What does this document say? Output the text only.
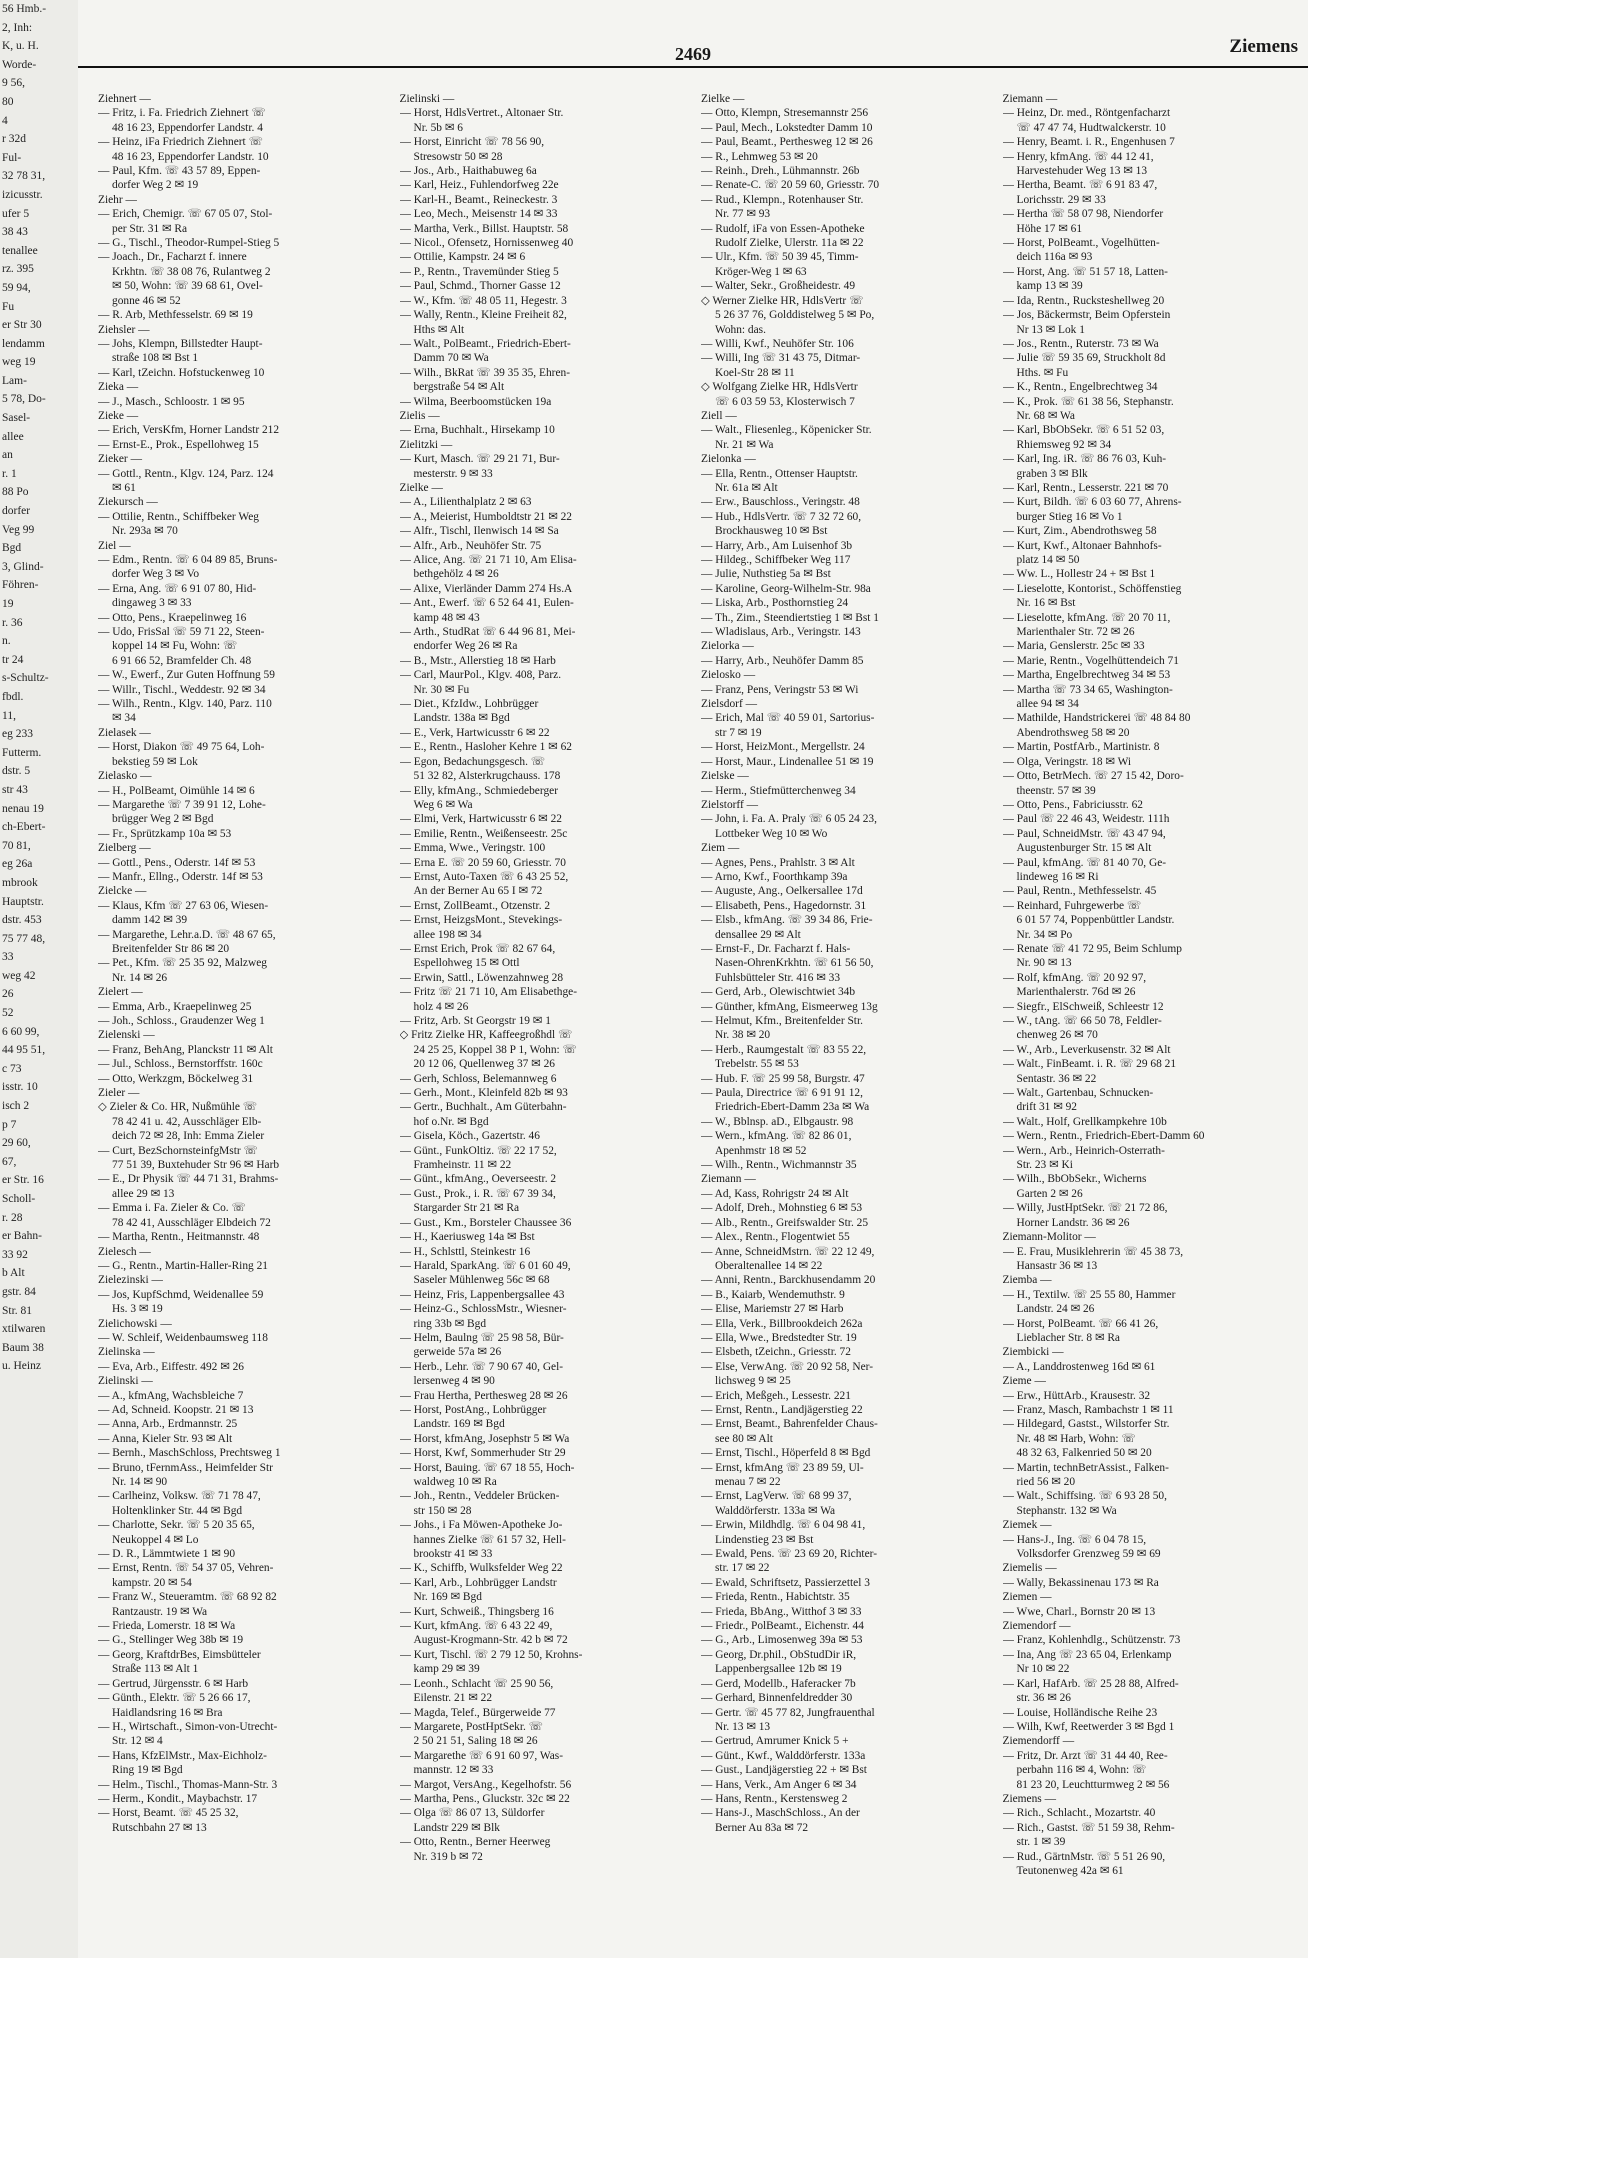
56 Hmb.-
2, Inh:
K, u. H.
Worde-
9 56,
80
4
r 32d
Ful-
32 78 31,
izicusstr.
ufer 5
38 43
tenallee
rz. 395
59 94,
Fu
er Str 30
lendamm
weg 19
Lam-
5 78, Do-
Sasel-
allee
an
r. 1
88 Po
dorfer
Veg 99
Bgd
3, Glind-
Föhren-
19
r. 36
n.
tr 24
s-Schultz-
fbdl.
11,
eg 233
Futterm.
dstr. 5
str 43
nenau 19
ch-Ebert-
70 81,
eg 26a
mbrook
Hauptstr.
dstr. 453
75 77 48,
33
weg 42
26
52
6 60 99,
44 95 51,
c 73
isstr. 10
isch 2
p 7
29 60,
67,
er Str. 16
Scholl-
r. 28
er Bahn-
33 92
b Alt
gstr. 84
Str. 81
xtilwaren
Baum 38
u. Heinz
2469	Ziemens
Ziehnert —
— Fritz, i. Fa. Friedrich Ziehnert ☏
48 16 23, Eppendorfer Landstr. 4
— Heinz, iFa Friedrich Ziehnert ☏
48 16 23, Eppendorfer Landstr. 10
— Paul, Kfm. ☏ 43 57 89, Eppen-
dorfer Weg 2 ✉ 19
Ziehr —
— Erich, Chemigr. ☏ 67 05 07, Stol-
per Str. 31 ✉ Ra
— G., Tischl., Theodor-Rumpel-Stieg 5
— Joach., Dr., Facharzt f. innere
Krkhtn. ☏ 38 08 76, Rulantweg 2
✉ 50, Wohn: ☏ 39 68 61, Ovel-
gonne 46 ✉ 52
— R. Arb, Methfesselstr. 69 ✉ 19
Ziehsler —
— Johs, Klempn, Billstedter Haupt-
straße 108 ✉ Bst 1
— Karl, tZeichn. Hofstuckenweg 10
Zieka —
— J., Masch., Schloostr. 1 ✉ 95
Zieke —
— Erich, VersKfm, Horner Landstr 212
— Ernst-E., Prok., Espellohweg 15
Zieker —
— Gottl., Rentn., Klgv. 124, Parz. 124
✉ 61
Ziekursch —
— Ottilie, Rentn., Schiffbeker Weg
Nr. 293a ✉ 70
Ziel —
— Edm., Rentn. ☏ 6 04 89 85, Bruns-
dorfer Weg 3 ✉ Vo
— Erna, Ang. ☏ 6 91 07 80, Hid-
dingaweg 3 ✉ 33
— Otto, Pens., Kraepelinweg 16
— Udo, FrisSal ☏ 59 71 22, Steen-
koppel 14 ✉ Fu, Wohn: ☏
6 91 66 52, Bramfelder Ch. 48
— W., Ewerf., Zur Guten Hoffnung 59
— Willr., Tischl., Weddestr. 92 ✉ 34
— Wilh., Rentn., Klgv. 140, Parz. 110
✉ 34
Zielasek —
— Horst, Diakon ☏ 49 75 64, Loh-
bekstieg 59 ✉ Lok
Zielasko —
— H., PolBeamt, Oimühle 14 ✉ 6
— Margarethe ☏ 7 39 91 12, Lohe-
brügger Weg 2 ✉ Bgd
— Fr., Sprützkamp 10a ✉ 53
Zielberg —
— Gottl., Pens., Oderstr. 14f ✉ 53
— Manfr., Ellng., Oderstr. 14f ✉ 53
Zielcke —
— Klaus, Kfm ☏ 27 63 06, Wiesen-
damm 142 ✉ 39
— Margarethe, Lehr.a.D. ☏ 48 67 65,
Breitenfelder Str 86 ✉ 20
— Pet., Kfm. ☏ 25 35 92, Malzweg
Nr. 14 ✉ 26
Zielert —
— Emma, Arb., Kraepelinweg 25
— Joh., Schloss., Graudenzer Weg 1
Zielenski —
— Franz, BehAng, Planckstr 11 ✉ Alt
— Jul., Schloss., Bernstorffstr. 160c
— Otto, Werkzgm, Böckelweg 31
Zieler —
◇ Zieler & Co. HR, Nußmühle ☏
78 42 41 u. 42, Ausschläger Elb-
deich 72 ✉ 28, Inh: Emma Zieler
— Curt, BezSchornsteinfgMstr ☏
77 51 39, Buxtehuder Str 96 ✉ Harb
— E., Dr Physik ☏ 44 71 31, Brahms-
allee 29 ✉ 13
— Emma i. Fa. Zieler & Co. ☏
78 42 41, Ausschläger Elbdeich 72
— Martha, Rentn., Heitmannstr. 48
Zielesch —
— G., Rentn., Martin-Haller-Ring 21
Zielezinski —
— Jos, KupfSchmd, Weidenallee 59
Hs. 3 ✉ 19
Zielichowski —
— W. Schleif, Weidenbaumsweg 118
Zielinska —
— Eva, Arb., Eiffestr. 492 ✉ 26
Zielinski —
— A., kfmAng, Wachsbleiche 7
— Ad, Schneid. Koopstr. 21 ✉ 13
— Anna, Arb., Erdmannstr. 25
— Anna, Kieler Str. 93 ✉ Alt
— Bernh., MaschSchloss, Prechtsweg 1
— Bruno, tFernmAss., Heimfelder Str
Nr. 14 ✉ 90
— Carlheinz, Volksw. ☏ 71 78 47,
Holtenklinker Str. 44 ✉ Bgd
— Charlotte, Sekr. ☏ 5 20 35 65,
Neukoppel 4 ✉ Lo
— D. R., Lämmtwiete 1 ✉ 90
— Ernst, Rentn. ☏ 54 37 05, Vehren-
kampstr. 20 ✉ 54
— Franz W., Steueramtm. ☏ 68 92 82
Rantzaustr. 19 ✉ Wa
— Frieda, Lomerstr. 18 ✉ Wa
— G., Stellinger Weg 38b ✉ 19
— Georg, KraftdrBes, Eimsbütteler
Straße 113 ✉ Alt 1
— Gertrud, Jürgensstr. 6 ✉ Harb
— Günth., Elektr. ☏ 5 26 66 17,
Haidlandsring 16 ✉ Bra
— H., Wirtschaft., Simon-von-Utrecht-
Str. 12 ✉ 4
— Hans, KfzElMstr., Max-Eichholz-
Ring 19 ✉ Bgd
— Helm., Tischl., Thomas-Mann-Str. 3
— Herm., Kondit., Maybachstr. 17
— Horst, Beamt. ☏ 45 25 32,
Rutschbahn 27 ✉ 13
Zielinski —
— Horst, HdlsVertret., Altonaer Str.
Nr. 5b ✉ 6
— Horst, Einricht ☏ 78 56 90,
Stresowstr 50 ✉ 28
— Jos., Arb., Haithabuweg 6a
— Karl, Heiz., Fuhlendorfweg 22e
— Karl-H., Beamt., Reineckestr. 3
— Leo, Mech., Meisenstr 14 ✉ 33
— Martha, Verk., Billst. Hauptstr. 58
— Nicol., Ofensetz, Hornissenweg 40
— Ottilie, Kampstr. 24 ✉ 6
— P., Rentn., Travemünder Stieg 5
— Paul, Schmd., Thorner Gasse 12
— W., Kfm. ☏ 48 05 11, Hegestr. 3
— Wally, Rentn., Kleine Freiheit 82,
Hths ✉ Alt
— Walt., PolBeamt., Friedrich-Ebert-
Damm 70 ✉ Wa
— Wilh., BkRat ☏ 39 35 35, Ehren-
bergstraße 54 ✉ Alt
— Wilma, Beerboomstücken 19a
Zielis —
— Erna, Buchhalt., Hirsekamp 10
Zielitzki —
— Kurt, Masch. ☏ 29 21 71, Bur-
mesterstr. 9 ✉ 33
Zielke —
— A., Lilienthalplatz 2 ✉ 63
— A., Meierist, Humboldtstr 21 ✉ 22
— Alfr., Tischl, Ilenwisch 14 ✉ Sa
— Alfr., Arb., Neuhöfer Str. 75
— Alice, Ang. ☏ 21 71 10, Am Elisa-
bethgehölz 4 ✉ 26
— Alixe, Vierländer Damm 274 Hs.A
— Ant., Ewerf. ☏ 6 52 64 41, Eulen-
kamp 48 ✉ 43
— Arth., StudRat ☏ 6 44 96 81, Mei-
endorfer Weg 26 ✉ Ra
— B., Mstr., Allerstieg 18 ✉ Harb
— Carl, MaurPol., Klgv. 408, Parz.
Nr. 30 ✉ Fu
— Diet., KfzIdw., Lohbrügger
Landstr. 138a ✉ Bgd
— E., Verk, Hartwicusstr 6 ✉ 22
— E., Rentn., Hasloher Kehre 1 ✉ 62
— Egon, Bedachungsgesch. ☏
51 32 82, Alsterkrugchauss. 178
— Elly, kfmAng., Schmiedeberger
Weg 6 ✉ Wa
— Elmi, Verk, Hartwicusstr 6 ✉ 22
— Emilie, Rentn., Weißenseestr. 25c
— Emma, Wwe., Veringstr. 100
— Erna E. ☏ 20 59 60, Griesstr. 70
— Ernst, Auto-Taxen ☏ 6 43 25 52,
An der Berner Au 65 I ✉ 72
— Ernst, ZollBeamt., Otzenstr. 2
— Ernst, HeizgsMont., Stevekings-
allee 198 ✉ 34
— Ernst Erich, Prok ☏ 82 67 64,
Espellohweg 15 ✉ Ottl
— Erwin, Sattl., Löwenzahnweg 28
— Fritz ☏ 21 71 10, Am Elisabethge-
holz 4 ✉ 26
— Fritz, Arb. St Georgstr 19 ✉ 1
◇ Fritz Zielke HR, Kaffeegroßhdl ☏
24 25 25, Koppel 38 P 1, Wohn: ☏
20 12 06, Quellenweg 37 ✉ 26
— Gerh, Schloss, Belemannweg 6
— Gerh., Mont., Kleinfeld 82b ✉ 93
— Gertr., Buchhalt., Am Güterbahn-
hof o.Nr. ✉ Bgd
— Gisela, Köch., Gazertstr. 46
— Günt., FunkOltiz. ☏ 22 17 52,
Framheinstr. 11 ✉ 22
— Günt., kfmAng., Oeverseestr. 2
— Gust., Prok., i. R. ☏ 67 39 34,
Stargarder Str 21 ✉ Ra
— Gust., Km., Borsteler Chaussee 36
— H., Kaeriusweg 14a ✉ Bst
— H., Schlsttl, Steinkestr 16
— Harald, SparkAng. ☏ 6 01 60 49,
Saseler Mühlenweg 56c ✉ 68
— Heinz, Fris, Lappenbergsallee 43
— Heinz-G., SchlossMstr., Wiesner-
ring 33b ✉ Bgd
— Helm, Baulng ☏ 25 98 58, Bür-
gerweide 57a ✉ 26
— Herb., Lehr. ☏ 7 90 67 40, Gel-
lersenweg 4 ✉ 90
— Frau Hertha, Perthesweg 28 ✉ 26
— Horst, PostAng., Lohbrügger
Landstr. 169 ✉ Bgd
— Horst, kfmAng, Josephstr 5 ✉ Wa
— Horst, Kwf, Sommerhuder Str 29
— Horst, Bauing. ☏ 67 18 55, Hoch-
waldweg 10 ✉ Ra
— Joh., Rentn., Veddeler Brücken-
str 150 ✉ 28
— Johs., i Fa Möwen-Apotheke Jo-
hannes Zielke ☏ 61 57 32, Hell-
brookstr 41 ✉ 33
— K., Schiffb, Wulksfelder Weg 22
— Karl, Arb., Lohbrügger Landstr
Nr. 169 ✉ Bgd
— Kurt, Schweiß., Thingsberg 16
— Kurt, kfmAng. ☏ 6 43 22 49,
August-Krogmann-Str. 42 b ✉ 72
— Kurt, Tischl. ☏ 2 79 12 50, Krohns-
kamp 29 ✉ 39
— Leonh., Schlacht ☏ 25 90 56,
Eilenstr. 21 ✉ 22
— Magda, Telef., Bürgerweide 77
— Margarete, PostHptSekr. ☏
2 50 21 51, Saling 18 ✉ 26
— Margarethe ☏ 6 91 60 97, Was-
mannstr. 12 ✉ 33
— Margot, VersAng., Kegelhofstr. 56
— Martha, Pens., Gluckstr. 32c ✉ 22
— Olga ☏ 86 07 13, Süldorfer
Landstr 229 ✉ Blk
— Otto, Rentn., Berner Heerweg
Nr. 319 b ✉ 72
Zielke —
— Otto, Klempn, Stresemannstr 256
— Paul, Mech., Lokstedter Damm 10
— Paul, Beamt., Perthesweg 12 ✉ 26
— R., Lehmweg 53 ✉ 20
— Reinh., Dreh., Lühmannstr. 26b
— Renate-C. ☏ 20 59 60, Griesstr. 70
— Rud., Klempn., Rotenhauser Str.
Nr. 77 ✉ 93
— Rudolf, iFa von Essen-Apotheke
Rudolf Zielke, Ulerstr. 11a ✉ 22
— Ulr., Kfm. ☏ 50 39 45, Timm-
Kröger-Weg 1 ✉ 63
— Walter, Sekr., Großheidestr. 49
◇ Werner Zielke HR, HdlsVertr ☏
5 26 37 76, Golddistelweg 5 ✉ Po,
Wohn: das.
— Willi, Kwf., Neuhöfer Str. 106
— Willi, Ing ☏ 31 43 75, Ditmar-
Koel-Str 28 ✉ 11
◇ Wolfgang Zielke HR, HdlsVertr
☏ 6 03 59 53, Klosterwisch 7
Ziell —
— Walt., Fliesenleg., Köpenicker Str.
Nr. 21 ✉ Wa
Zielonka —
— Ella, Rentn., Ottenser Hauptstr.
Nr. 61a ✉ Alt
— Erw., Bauschloss., Veringstr. 48
— Hub., HdlsVertr. ☏ 7 32 72 60,
Brockhausweg 10 ✉ Bst
— Harry, Arb., Am Luisenhof 3b
— Hildeg., Schiffbeker Weg 117
— Julie, Nuthstieg 5a ✉ Bst
— Karoline, Georg-Wilhelm-Str. 98a
— Liska, Arb., Posthornstieg 24
— Th., Zim., Steendiertstieg 1 ✉ Bst 1
— Wladislaus, Arb., Veringstr. 143
Zielorka —
— Harry, Arb., Neuhöfer Damm 85
Zielosko —
— Franz, Pens, Veringstr 53 ✉ Wi
Zielsdorf —
— Erich, Mal ☏ 40 59 01, Sartorius-
str 7 ✉ 19
— Horst, HeizMont., Mergellstr. 24
— Horst, Maur., Lindenallee 51 ✉ 19
Zielske —
— Herm., Stiefmütterchenweg 34
Zielstorff —
— John, i. Fa. A. Praly ☏ 6 05 24 23,
Lottbeker Weg 10 ✉ Wo
Ziem —
— Agnes, Pens., Prahlstr. 3 ✉ Alt
— Arno, Kwf., Foorthkamp 39a
— Auguste, Ang., Oelkersallee 17d
— Elisabeth, Pens., Hagedornstr. 31
— Elsb., kfmAng. ☏ 39 34 86, Frie-
densallee 29 ✉ Alt
— Ernst-F., Dr. Facharzt f. Hals-
Nasen-OhrenKrkhtn. ☏ 61 56 50,
Fuhlsbütteler Str. 416 ✉ 33
— Gerd, Arb., Olewischtwiet 34b
— Günther, kfmAng, Eismeerweg 13g
— Helmut, Kfm., Breitenfelder Str.
Nr. 38 ✉ 20
— Herb., Raumgestalt ☏ 83 55 22,
Trebelstr. 55 ✉ 53
— Hub. F. ☏ 25 99 58, Burgstr. 47
— Paula, Directrice ☏ 6 91 91 12,
Friedrich-Ebert-Damm 23a ✉ Wa
— W., Bblnsp. aD., Elbgaustr. 98
— Wern., kfmAng. ☏ 82 86 01,
Apenhmstr 18 ✉ 52
— Wilh., Rentn., Wichmannstr 35
Ziemann —
— Ad, Kass, Rohrigstr 24 ✉ Alt
— Adolf, Dreh., Mohnstieg 6 ✉ 53
— Alb., Rentn., Greifswalder Str. 25
— Alex., Rentn., Flogentwiet 55
— Anne, SchneidMstrn. ☏ 22 12 49,
Oberaltenallee 14 ✉ 22
— Anni, Rentn., Barckhusendamm 20
— B., Kaiarb, Wendemuthstr. 9
— Elise, Mariemstr 27 ✉ Harb
— Ella, Verk., Billbrookdeich 262a
— Ella, Wwe., Bredstedter Str. 19
— Elsbeth, tZeichn., Griesstr. 72
— Else, VerwAng. ☏ 20 92 58, Ner-
lichsweg 9 ✉ 25
— Erich, Meßgeh., Lessestr. 221
— Ernst, Rentn., Landjägerstieg 22
— Ernst, Beamt., Bahrenfelder Chaus-
see 80 ✉ Alt
— Ernst, Tischl., Höperfeld 8 ✉ Bgd
— Ernst, kfmAng ☏ 23 89 59, Ul-
menau 7 ✉ 22
— Ernst, LagVerw. ☏ 68 99 37,
Walddörferstr. 133a ✉ Wa
— Erwin, Mildhdlg. ☏ 6 04 98 41,
Lindenstieg 23 ✉ Bst
— Ewald, Pens. ☏ 23 69 20, Richter-
str. 17 ✉ 22
— Ewald, Schriftsetz, Passierzettel 3
— Frieda, Rentn., Habichtstr. 35
— Frieda, BbAng., Witthof 3 ✉ 33
— Friedr., PolBeamt., Eichenstr. 44
— G., Arb., Limosenweg 39a ✉ 53
— Georg, Dr.phil., ObStudDir iR,
Lappenbergsallee 12b ✉ 19
— Gerd, Modellb., Haferacker 7b
— Gerhard, Binnenfeldredder 30
— Gertr. ☏ 45 77 82, Jungfrauenthal
Nr. 13 ✉ 13
— Gertrud, Amrumer Knick 5 +
— Günt., Kwf., Walddörferstr. 133a
— Gust., Landjägerstieg 22 + ✉ Bst
— Hans, Verk., Am Anger 6 ✉ 34
— Hans, Rentn., Kerstensweg 2
— Hans-J., MaschSchloss., An der
Berner Au 83a ✉ 72
Ziemann —
— Heinz, Dr. med., Röntgenfacharzt
☏ 47 47 74, Hudtwalckerstr. 10
— Henry, Beamt. i. R., Engenhusen 7
— Henry, kfmAng. ☏ 44 12 41,
Harvestehuder Weg 13 ✉ 13
— Hertha, Beamt. ☏ 6 91 83 47,
Lorichsstr. 29 ✉ 33
— Hertha ☏ 58 07 98, Niendorfer
Höhe 17 ✉ 61
— Horst, PolBeamt., Vogelhütten-
deich 116a ✉ 93
— Horst, Ang. ☏ 51 57 18, Latten-
kamp 13 ✉ 39
— Ida, Rentn., Rucksteshellweg 20
— Jos, Bäckermstr, Beim Opferstein
Nr 13 ✉ Lok 1
— Jos., Rentn., Ruterstr. 73 ✉ Wa
— Julie ☏ 59 35 69, Struckholt 8d
Hths. ✉ Fu
— K., Rentn., Engelbrechtweg 34
— K., Prok. ☏ 61 38 56, Stephanstr.
Nr. 68 ✉ Wa
— Karl, BbObSekr. ☏ 6 51 52 03,
Rhiemsweg 92 ✉ 34
— Karl, Ing. iR. ☏ 86 76 03, Kuh-
graben 3 ✉ Blk
— Karl, Rentn., Lesserstr. 221 ✉ 70
— Kurt, Bildh. ☏ 6 03 60 77, Ahrens-
burger Stieg 16 ✉ Vo 1
— Kurt, Zim., Abendrothsweg 58
— Kurt, Kwf., Altonaer Bahnhofs-
platz 14 ✉ 50
— Ww. L., Hollestr 24 + ✉ Bst 1
— Lieselotte, Kontorist., Schöffenstieg
Nr. 16 ✉ Bst
— Lieselotte, kfmAng. ☏ 20 70 11,
Marienthaler Str. 72 ✉ 26
— Maria, Genslerstr. 25c ✉ 33
— Marie, Rentn., Vogelhüttendeich 71
— Martha, Engelbrechtweg 34 ✉ 53
— Martha ☏ 73 34 65, Washington-
allee 94 ✉ 34
— Mathilde, Handstrickerei ☏ 48 84 80
Abendrothsweg 58 ✉ 20
— Martin, PostfArb., Martinistr. 8
— Olga, Veringstr. 18 ✉ Wi
— Otto, BetrMech. ☏ 27 15 42, Doro-
theenstr. 57 ✉ 39
— Otto, Pens., Fabriciusstr. 62
— Paul ☏ 22 46 43, Weidestr. 111h
— Paul, SchneidMstr. ☏ 43 47 94,
Augustenburger Str. 15 ✉ Alt
— Paul, kfmAng. ☏ 81 40 70, Ge-
lindeweg 16 ✉ Ri
— Paul, Rentn., Methfesselstr. 45
— Reinhard, Fuhrgewerbe ☏
6 01 57 74, Poppenbüttler Landstr.
Nr. 34 ✉ Po
— Renate ☏ 41 72 95, Beim Schlump
Nr. 90 ✉ 13
— Rolf, kfmAng. ☏ 20 92 97,
Marienthalerstr. 76d ✉ 26
— Siegfr., ElSchweiß, Schleestr 12
— W., tAng. ☏ 66 50 78, Feldler-
chenweg 26 ✉ 70
— W., Arb., Leverkusenstr. 32 ✉ Alt
— Walt., FinBeamt. i. R. ☏ 29 68 21
Sentastr. 36 ✉ 22
— Walt., Gartenbau, Schnucken-
drift 31 ✉ 92
— Walt., Holf, Grellkampkehre 10b
— Wern., Rentn., Friedrich-Ebert-Damm 60
— Wern., Arb., Heinrich-Osterrath-
Str. 23 ✉ Ki
— Wilh., BbObSekr., Wicherns
Garten 2 ✉ 26
— Willy, JustHptSekr. ☏ 21 72 86,
Horner Landstr. 36 ✉ 26
Ziemann-Molitor —
— E. Frau, Musiklehrerin ☏ 45 38 73,
Hansastr 36 ✉ 13
Ziemba —
— H., Textilw. ☏ 25 55 80, Hammer
Landstr. 24 ✉ 26
— Horst, PolBeamt. ☏ 66 41 26,
Lieblacher Str. 8 ✉ Ra
Ziembicki —
— A., Landdrostenweg 16d ✉ 61
Zieme —
— Erw., HüttArb., Krausestr. 32
— Franz, Masch, Rambachstr 1 ✉ 11
— Hildegard, Gastst., Wilstorfer Str.
Nr. 48 ✉ Harb, Wohn: ☏
48 32 63, Falkenried 50 ✉ 20
— Martin, technBetrAssist., Falken-
ried 56 ✉ 20
— Walt., Schiffsing. ☏ 6 93 28 50,
Stephanstr. 132 ✉ Wa
Ziemek —
— Hans-J., Ing. ☏ 6 04 78 15,
Volksdorfer Grenzweg 59 ✉ 69
Ziemelis —
— Wally, Bekassinenau 173 ✉ Ra
Ziemen —
— Wwe, Charl., Bornstr 20 ✉ 13
Ziemendorf —
— Franz, Kohlenhdlg., Schützenstr. 73
— Ina, Ang ☏ 23 65 04, Erlenkamp
Nr 10 ✉ 22
— Karl, HafArb. ☏ 25 28 88, Alfred-
str. 36 ✉ 26
— Louise, Holländische Reihe 23
— Wilh, Kwf, Reetwerder 3 ✉ Bgd 1
Ziemendorff —
— Fritz, Dr. Arzt ☏ 31 44 40, Ree-
perbahn 116 ✉ 4, Wohn: ☏
81 23 20, Leuchtturmweg 2 ✉ 56
Ziemens —
— Rich., Schlacht., Mozartstr. 40
— Rich., Gastst. ☏ 51 59 38, Rehm-
str. 1 ✉ 39
— Rud., GärtnMstr. ☏ 5 51 26 90,
Teutonenweg 42a ✉ 61
